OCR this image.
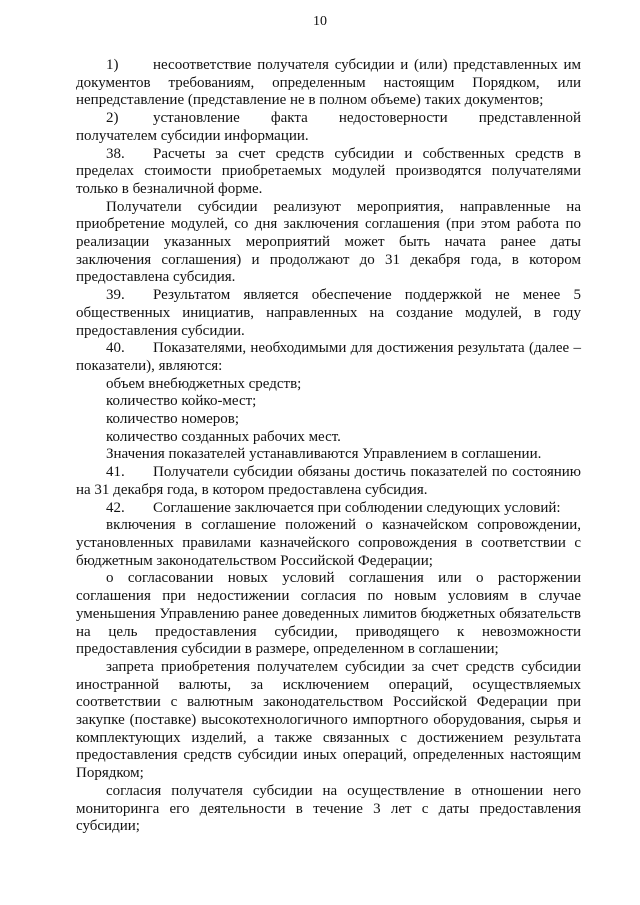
10

1) несоответствие получателя субсидии и (или) представленных им документов требованиям, определенным настоящим Порядком, или непредставление (представление не в полном объеме) таких документов;

2) установление факта недостоверности представленной получателем субсидии информации.

38. Расчеты за счет средств субсидии и собственных средств в пределах стоимости приобретаемых модулей производятся получателями только в безналичной форме.

Получатели субсидии реализуют мероприятия, направленные на приобретение модулей, со дня заключения соглашения (при этом работа по реализации указанных мероприятий может быть начата ранее даты заключения соглашения) и продолжают до 31 декабря года, в котором предоставлена субсидия.

39. Результатом является обеспечение поддержкой не менее 5 общественных инициатив, направленных на создание модулей, в году предоставления субсидии.

40. Показателями, необходимыми для достижения результата (далее – показатели), являются:

объем внебюджетных средств;

количество койко-мест;

количество номеров;

количество созданных рабочих мест.

Значения показателей устанавливаются Управлением в соглашении.

41. Получатели субсидии обязаны достичь показателей по состоянию на 31 декабря года, в котором предоставлена субсидия.

42. Соглашение заключается при соблюдении следующих условий:

включения в соглашение положений о казначейском сопровождении, установленных правилами казначейского сопровождения в соответствии с бюджетным законодательством Российской Федерации;

о согласовании новых условий соглашения или о расторжении соглашения при недостижении согласия по новым условиям в случае уменьшения Управлению ранее доведенных лимитов бюджетных обязательств на цель предоставления субсидии, приводящего к невозможности предоставления субсидии в размере, определенном в соглашении;

запрета приобретения получателем субсидии за счет средств субсидии иностранной валюты, за исключением операций, осуществляемых соответствии с валютным законодательством Российской Федерации при закупке (поставке) высокотехнологичного импортного оборудования, сырья и комплектующих изделий, а также связанных с достижением результата предоставления средств субсидии иных операций, определенных настоящим Порядком;

согласия получателя субсидии на осуществление в отношении него мониторинга его деятельности в течение 3 лет с даты предоставления субсидии;
